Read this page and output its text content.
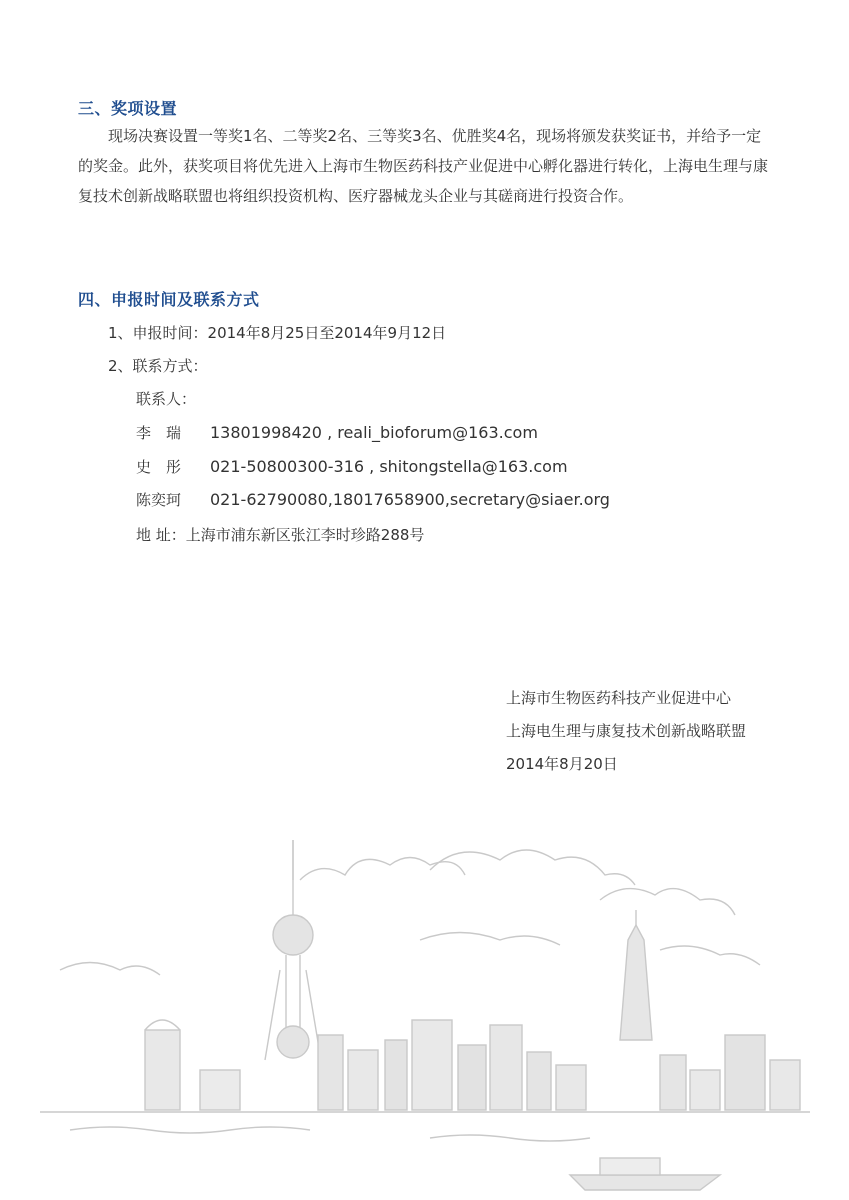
三、奖项设置

现场决赛设置一等奖1名、二等奖2名、三等奖3名、优胜奖4名，现场将颁发获奖证书，并给予一定的奖金。此外，获奖项目将优先进入上海市生物医药科技产业促进中心孵化器进行转化，上海电生理与康复技术创新战略联盟也将组织投资机构、医疗器械龙头企业与其磋商进行投资合作。

四、申报时间及联系方式
1、申报时间：2014年8月25日至2014年9月12日
2、联系方式：
联系人：
李　瑞	13801998420 , reali_bioforum@163.com
史　彤	021-50800300-316 , shitongstella@163.com
陈奕珂	021-62790080,18017658900,secretary@siaer.org
地 址：上海市浦东新区张江李时珍路288号
上海市生物医药科技产业促进中心
上海电生理与康复技术创新战略联盟
2014年8月20日
